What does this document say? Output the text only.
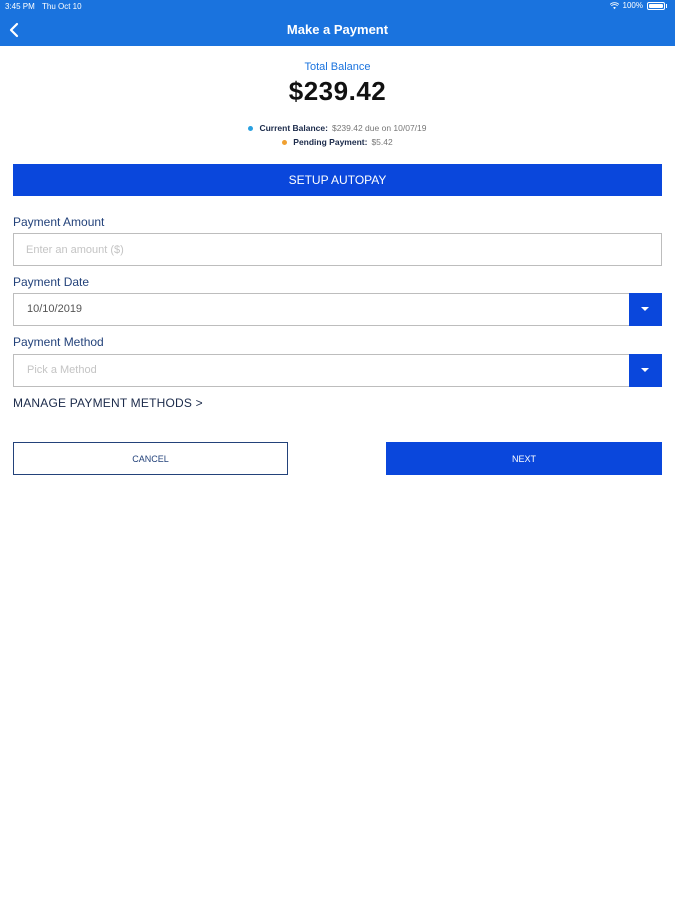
3:45 PM Thu Oct 10	100%
Make a Payment
Total Balance
$239.42
Current Balance: $239.42 due on 10/07/19
Pending Payment: $5.42
SETUP AUTOPAY
Payment Amount
Enter an amount ($)
Payment Date
10/10/2019
Payment Method
Pick a Method
MANAGE PAYMENT METHODS >
CANCEL	NEXT
